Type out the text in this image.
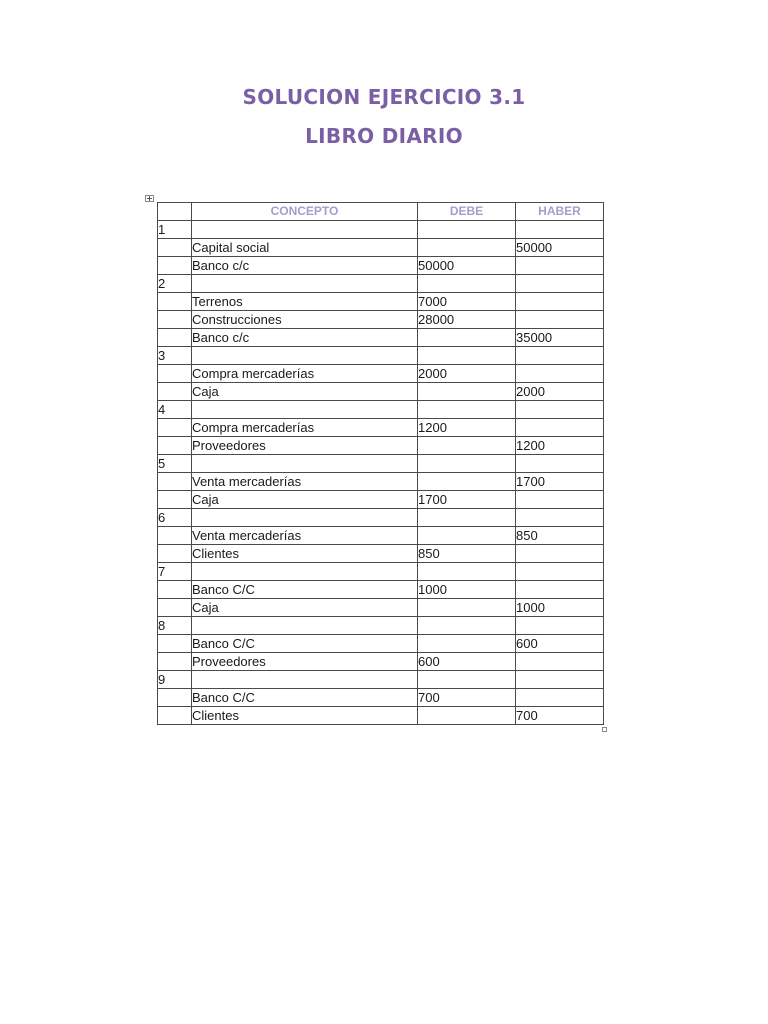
SOLUCION EJERCICIO 3.1
LIBRO DIARIO
	CONCEPTO	DEBE	HABER
1			
	Capital social		50000
	Banco c/c	50000	
2			
	Terrenos	7000	
	Construcciones	28000	
	Banco c/c		35000
3			
	Compra mercaderías	2000	
	Caja		2000
4			
	Compra mercaderías	1200	
	Proveedores		1200
5			
	Venta mercaderías		1700
	Caja	1700	
6			
	Venta mercaderías		850
	Clientes	850	
7			
	Banco C/C	1000	
	Caja		1000
8			
	Banco C/C		600
	Proveedores	600	
9			
	Banco C/C	700	
	Clientes		700
